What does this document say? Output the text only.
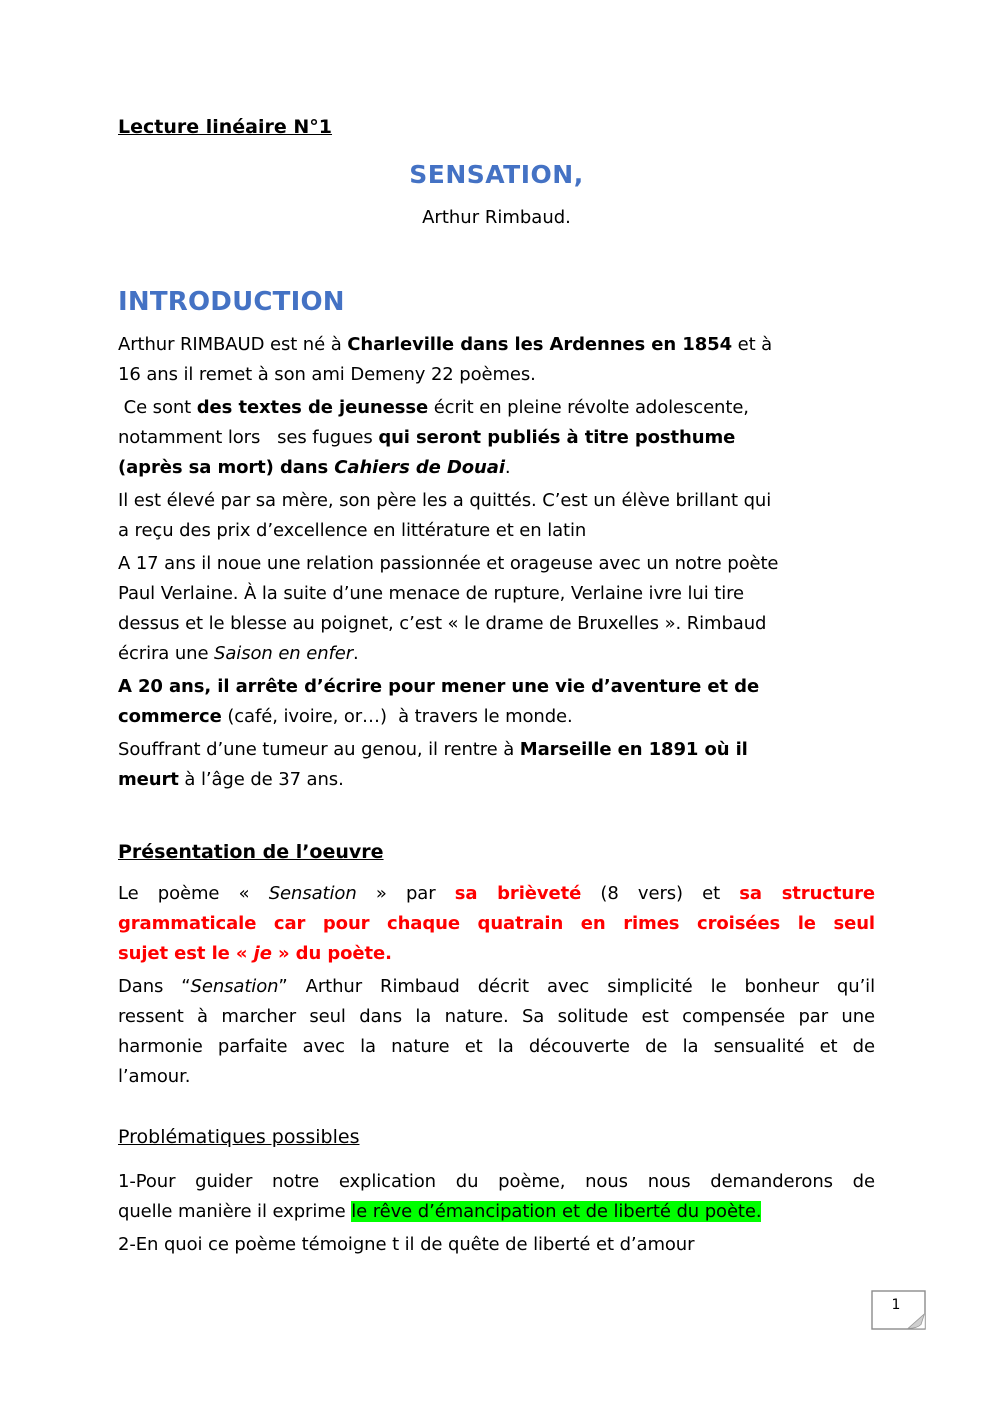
Lecture linéaire N°1
SENSATION,

Arthur Rimbaud.

INTRODUCTION

Arthur RIMBAUD est né à Charleville dans les Ardennes en 1854 et à
16 ans il remet à son ami Demeny 22 poèmes.

Ce sont des textes de jeunesse écrit en pleine révolte adolescente,
notamment lors   ses fugues qui seront publiés à titre posthume
(après sa mort) dans Cahiers de Douai.

Il est élevé par sa mère, son père les a quittés. C’est un élève brillant qui
a reçu des prix d’excellence en littérature et en latin

A 17 ans il noue une relation passionnée et orageuse avec un notre poète
Paul Verlaine. À la suite d’une menace de rupture, Verlaine ivre lui tire
dessus et le blesse au poignet, c’est « le drame de Bruxelles ». Rimbaud
écrira une Saison en enfer.

A 20 ans, il arrête d’écrire pour mener une vie d’aventure et de
commerce (café, ivoire, or…)  à travers le monde.

Souffrant d’une tumeur au genou, il rentre à Marseille en 1891 où il
meurt à l’âge de 37 ans.

Présentation de l’oeuvre

Le poème « Sensation » par sa brièveté (8 vers) et sa structure
grammaticale car pour chaque quatrain en rimes croisées le seul
sujet est le « je » du poète.

Dans “Sensation” Arthur Rimbaud décrit avec simplicité le bonheur qu’il
ressent à marcher seul dans la nature. Sa solitude est compensée par une
harmonie parfaite avec la nature et la découverte de la sensualité et de
l’amour.

Problématiques possibles

1-Pour guider notre explication du poème, nous nous demanderons de
quelle manière il exprime le rêve d’émancipation et de liberté du poète.

2-En quoi ce poème témoigne t il de quête de liberté et d’amour

1
